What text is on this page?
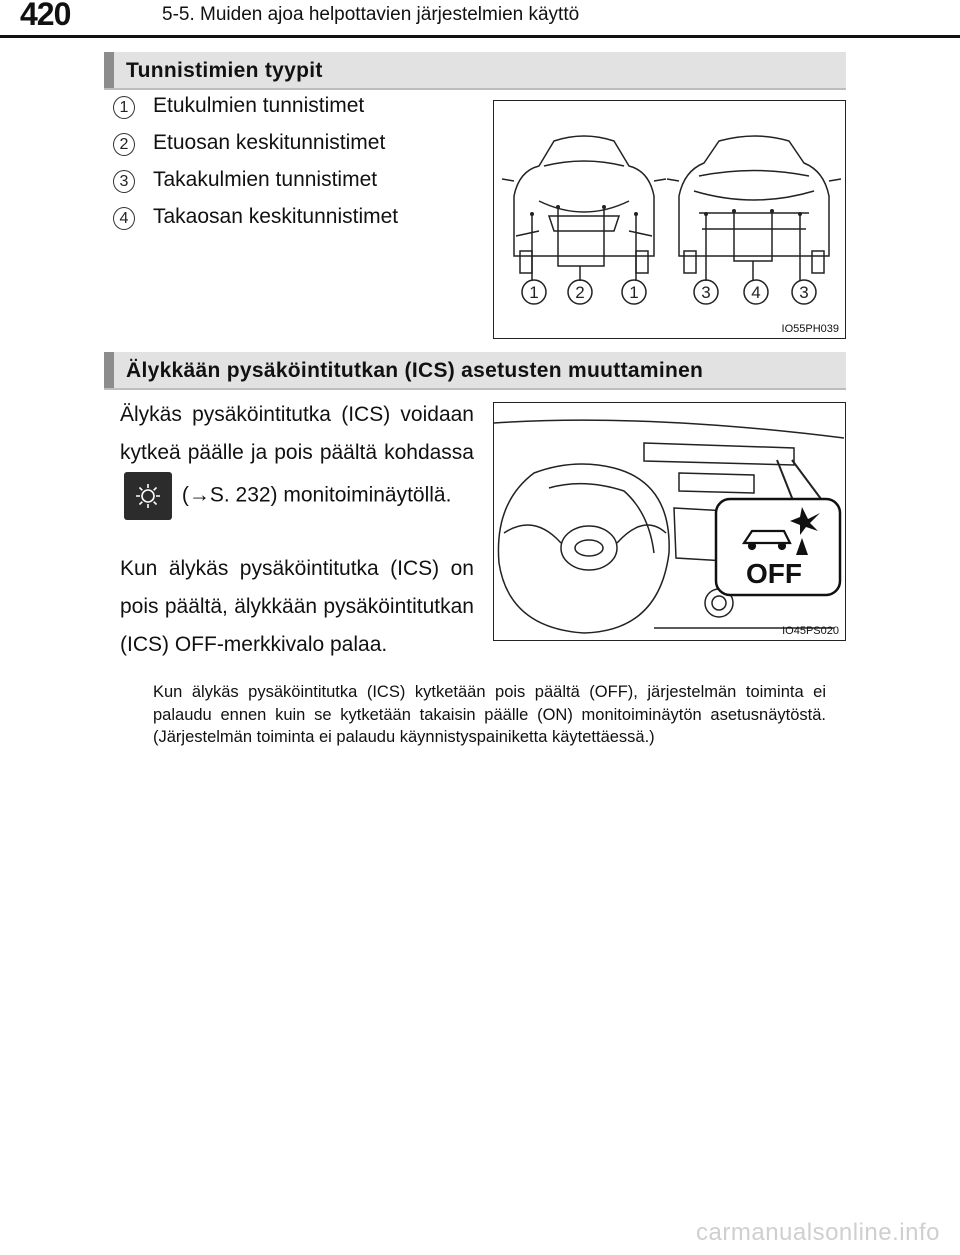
420	5-5. Muiden ajoa helpottavien järjestelmien käyttö
Tunnistimien tyypit
1	Etukulmien tunnistimet
2	Etuosan keskitunnistimet
3	Takakulmien tunnistimet
4	Takaosan keskitunnistimet
1 2	1	3 4 3
IO55PH039
Älykkään pysäköintitutkan (ICS) asetusten muuttaminen
Älykäs pysäköintitutka (ICS) voidaan kytkeä päälle ja pois päältä kohdassa  (→S. 232) monitoiminäytöllä.
Kun älykäs pysäköintitutka (ICS) on pois päältä, älykkään pysäköintitutkan (ICS) OFF-merkkivalo palaa.
OFF
IO45PS020
Kun älykäs pysäköintitutka (ICS) kytketään pois päältä (OFF), järjestelmän toiminta ei palaudu ennen kuin se kytketään takaisin päälle (ON) monitoiminäytön asetusnäytöstä. (Järjestelmän toiminta ei palaudu käynnistyspainiketta käytettäessä.)
carmanualsonline.info
